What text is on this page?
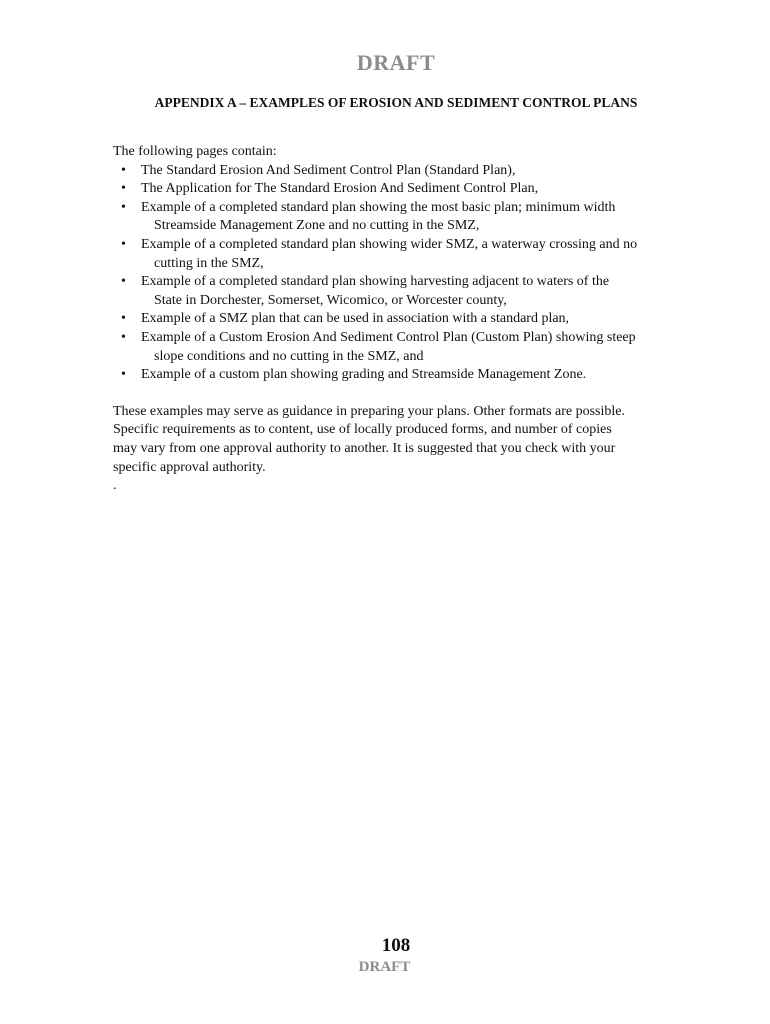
DRAFT
APPENDIX A – EXAMPLES OF EROSION AND SEDIMENT CONTROL PLANS

The following pages contain:

• The Standard Erosion And Sediment Control Plan (Standard Plan),
• The Application for The Standard Erosion And Sediment Control Plan,
• Example of a completed standard plan showing the most basic plan; minimum width
Streamside Management Zone and no cutting in the SMZ,
• Example of a completed standard plan showing wider SMZ, a waterway crossing and no
cutting in the SMZ,
• Example of a completed standard plan showing harvesting adjacent to waters of the
State in Dorchester, Somerset, Wicomico, or Worcester county,
• Example of a SMZ plan that can be used in association with a standard plan,
• Example of a Custom Erosion And Sediment Control Plan (Custom Plan) showing steep
slope conditions and no cutting in the SMZ, and
• Example of a custom plan showing grading and Streamside Management Zone.
These examples may serve as guidance in preparing your plans. Other formats are possible.
Specific requirements as to content, use of locally produced forms, and number of copies
may vary from one approval authority to another. It is suggested that you check with your
specific approval authority.
.
108
DRAFT
